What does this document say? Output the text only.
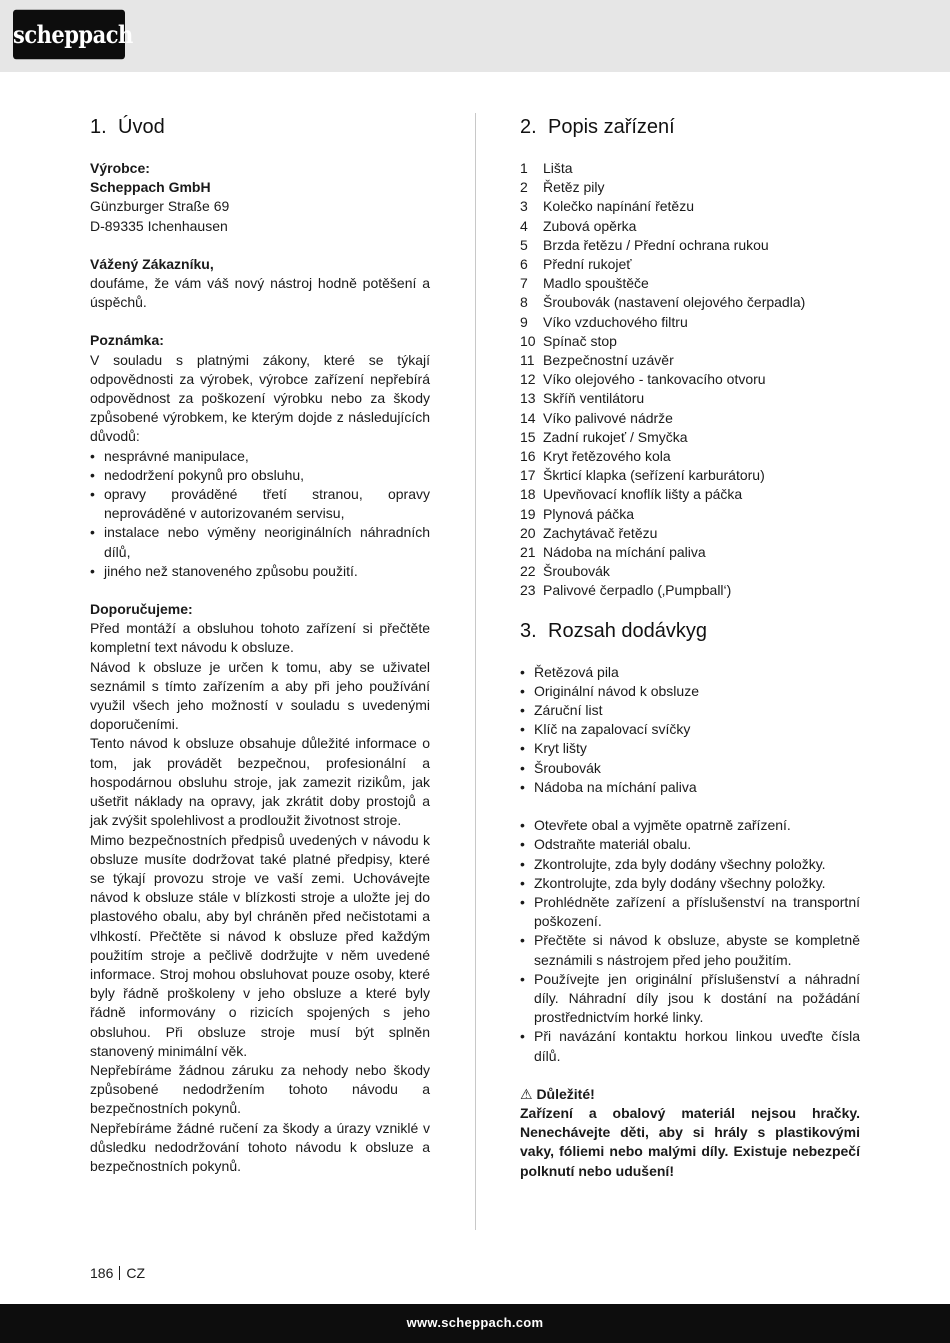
scheppach
1. Úvod
Výrobce:
Scheppach GmbH
Günzburger Straße 69
D-89335 Ichenhausen
Vážený Zákazníku,

doufáme, že vám váš nový nástroj hodně potěšení a úspěchů.

Poznámka:

V souladu s platnými zákony, které se týkají odpovědnosti za výrobek, výrobce zařízení nepřebírá odpovědnost za poškození výrobku nebo za škody způsobené výrobkem, ke kterým dojde z následujících důvodů:

• nesprávné manipulace,
• nedodržení pokynů pro obsluhu,
• opravy prováděné třetí stranou, opravy neprováděné v autorizovaném servisu,
• instalace nebo výměny neoriginálních náhradních dílů,
• jiného než stanoveného způsobu použití.
Doporučujeme:

Před montáží a obsluhou tohoto zařízení si přečtěte kompletní text návodu k obsluze.

Návod k obsluze je určen k tomu, aby se uživatel seznámil s tímto zařízením a aby při jeho používání využil všech jeho možností v souladu s uvedenými doporučeními.

Tento návod k obsluze obsahuje důležité informace o tom, jak provádět bezpečnou, profesionální a hospodárnou obsluhu stroje, jak zamezit rizikům, jak ušetřit náklady na opravy, jak zkrátit doby prostojů a jak zvýšit spolehlivost a prodloužit životnost stroje.

Mimo bezpečnostních předpisů uvedených v návodu k obsluze musíte dodržovat také platné předpisy, které se týkají provozu stroje ve vaší zemi. Uchovávejte návod k obsluze stále v blízkosti stroje a uložte jej do plastového obalu, aby byl chráněn před nečistotami a vlhkostí. Přečtěte si návod k obsluze před každým použitím stroje a pečlivě dodržujte v něm uvedené informace. Stroj mohou obsluhovat pouze osoby, které byly řádně proškoleny v jeho obsluze a které byly řádně informovány o rizicích spojených s jeho obsluhou. Při obsluze stroje musí být splněn stanovený minimální věk.

Nepřebíráme žádnou záruku za nehody nebo škody způsobené nedodržením tohoto návodu a bezpečnostních pokynů.

Nepřebíráme žádné ručení za škody a úrazy vzniklé v důsledku nedodržování tohoto návodu k obsluze a bezpečnostních pokynů.

2. Popis zařízení
1	Lišta
2	Řetěz pily
3	Kolečko napínání řetězu
4	Zubová opěrka
5	Brzda řetězu / Přední ochrana rukou
6	Přední rukojeť
7	Madlo spouštěče
8	Šroubovák (nastavení olejového čerpadla)
9	Víko vzduchového filtru
10 Spínač stop
11 Bezpečnostní uzávěr
12 Víko olejového - tankovacího otvoru
13 Skříň ventilátoru
14 Víko palivové nádrže
15 Zadní rukojeť / Smyčka
16 Kryt řetězového kola
17 Škrticí klapka (seřízení karburátoru)
18 Upevňovací knoflík lišty a páčka
19 Plynová páčka
20 Zachytávač řetězu
21 Nádoba na míchání paliva
22 Šroubovák
23 Palivové čerpadlo (‚Pumpball‘)
3. Rozsah dodávkyg
• Řetězová pila
• Originální návod k obsluze
• Záruční list
• Klíč na zapalovací svíčky
• Kryt lišty
• Šroubovák
• Nádoba na míchání paliva
• Otevřete obal a vyjměte opatrně zařízení.
• Odstraňte materiál obalu.
• Zkontrolujte, zda byly dodány všechny položky.
• Zkontrolujte, zda byly dodány všechny položky.
• Prohlédněte zařízení a příslušenství na transportní poškození.
• Přečtěte si návod k obsluze, abyste se kompletně seznámili s nástrojem před jeho použitím.
• Používejte jen originální příslušenství a náhradní díly. Náhradní díly jsou k dostání na požádání prostřednictvím horké linky.
• Při navázání kontaktu horkou linkou uveďte čísla dílů.
⚠ Důležité!

Zařízení a obalový materiál nejsou hračky. Nenechávejte děti, aby si hrály s plastikovými vaky, fóliemi nebo malými díly. Existuje nebezpečí polknutí nebo udušení!

186 CZ
www.scheppach.com
